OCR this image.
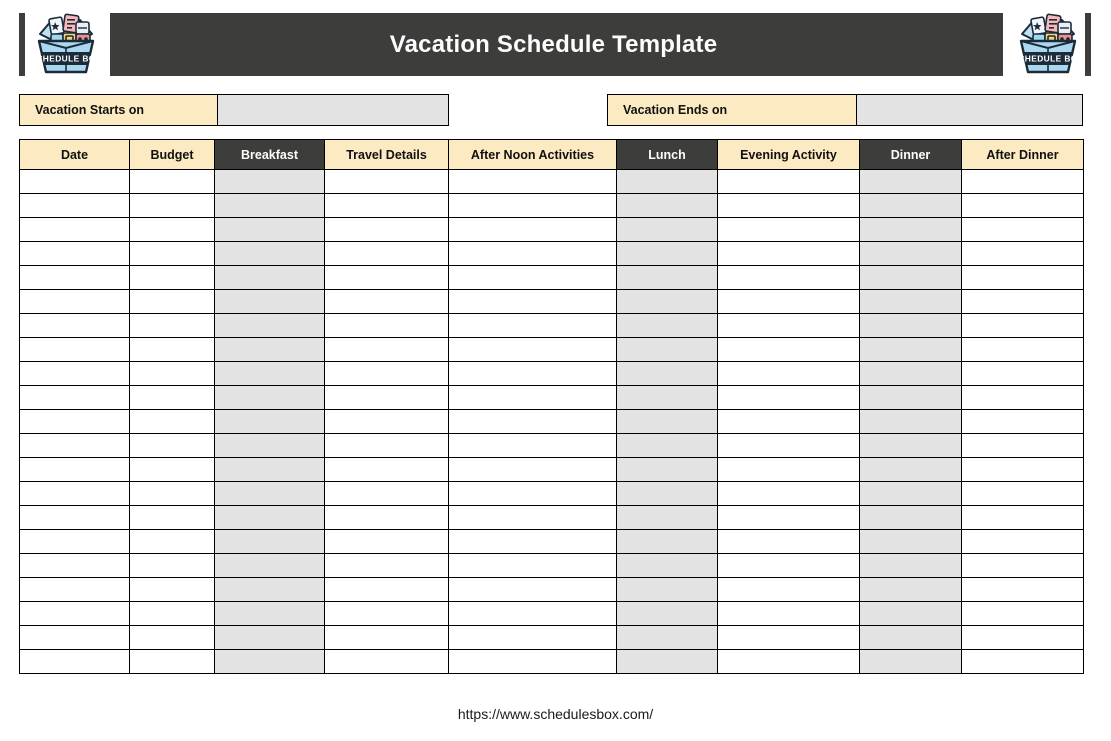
SCHEDULE BOX
Vacation Schedule Template
SCHEDULE BOX
Vacation Starts on	Vacation Ends on
Date	Budget	Breakfast	Travel Details	After Noon Activities	Lunch	Evening Activity	Dinner	After Dinner

https://www.schedulesbox.com/
